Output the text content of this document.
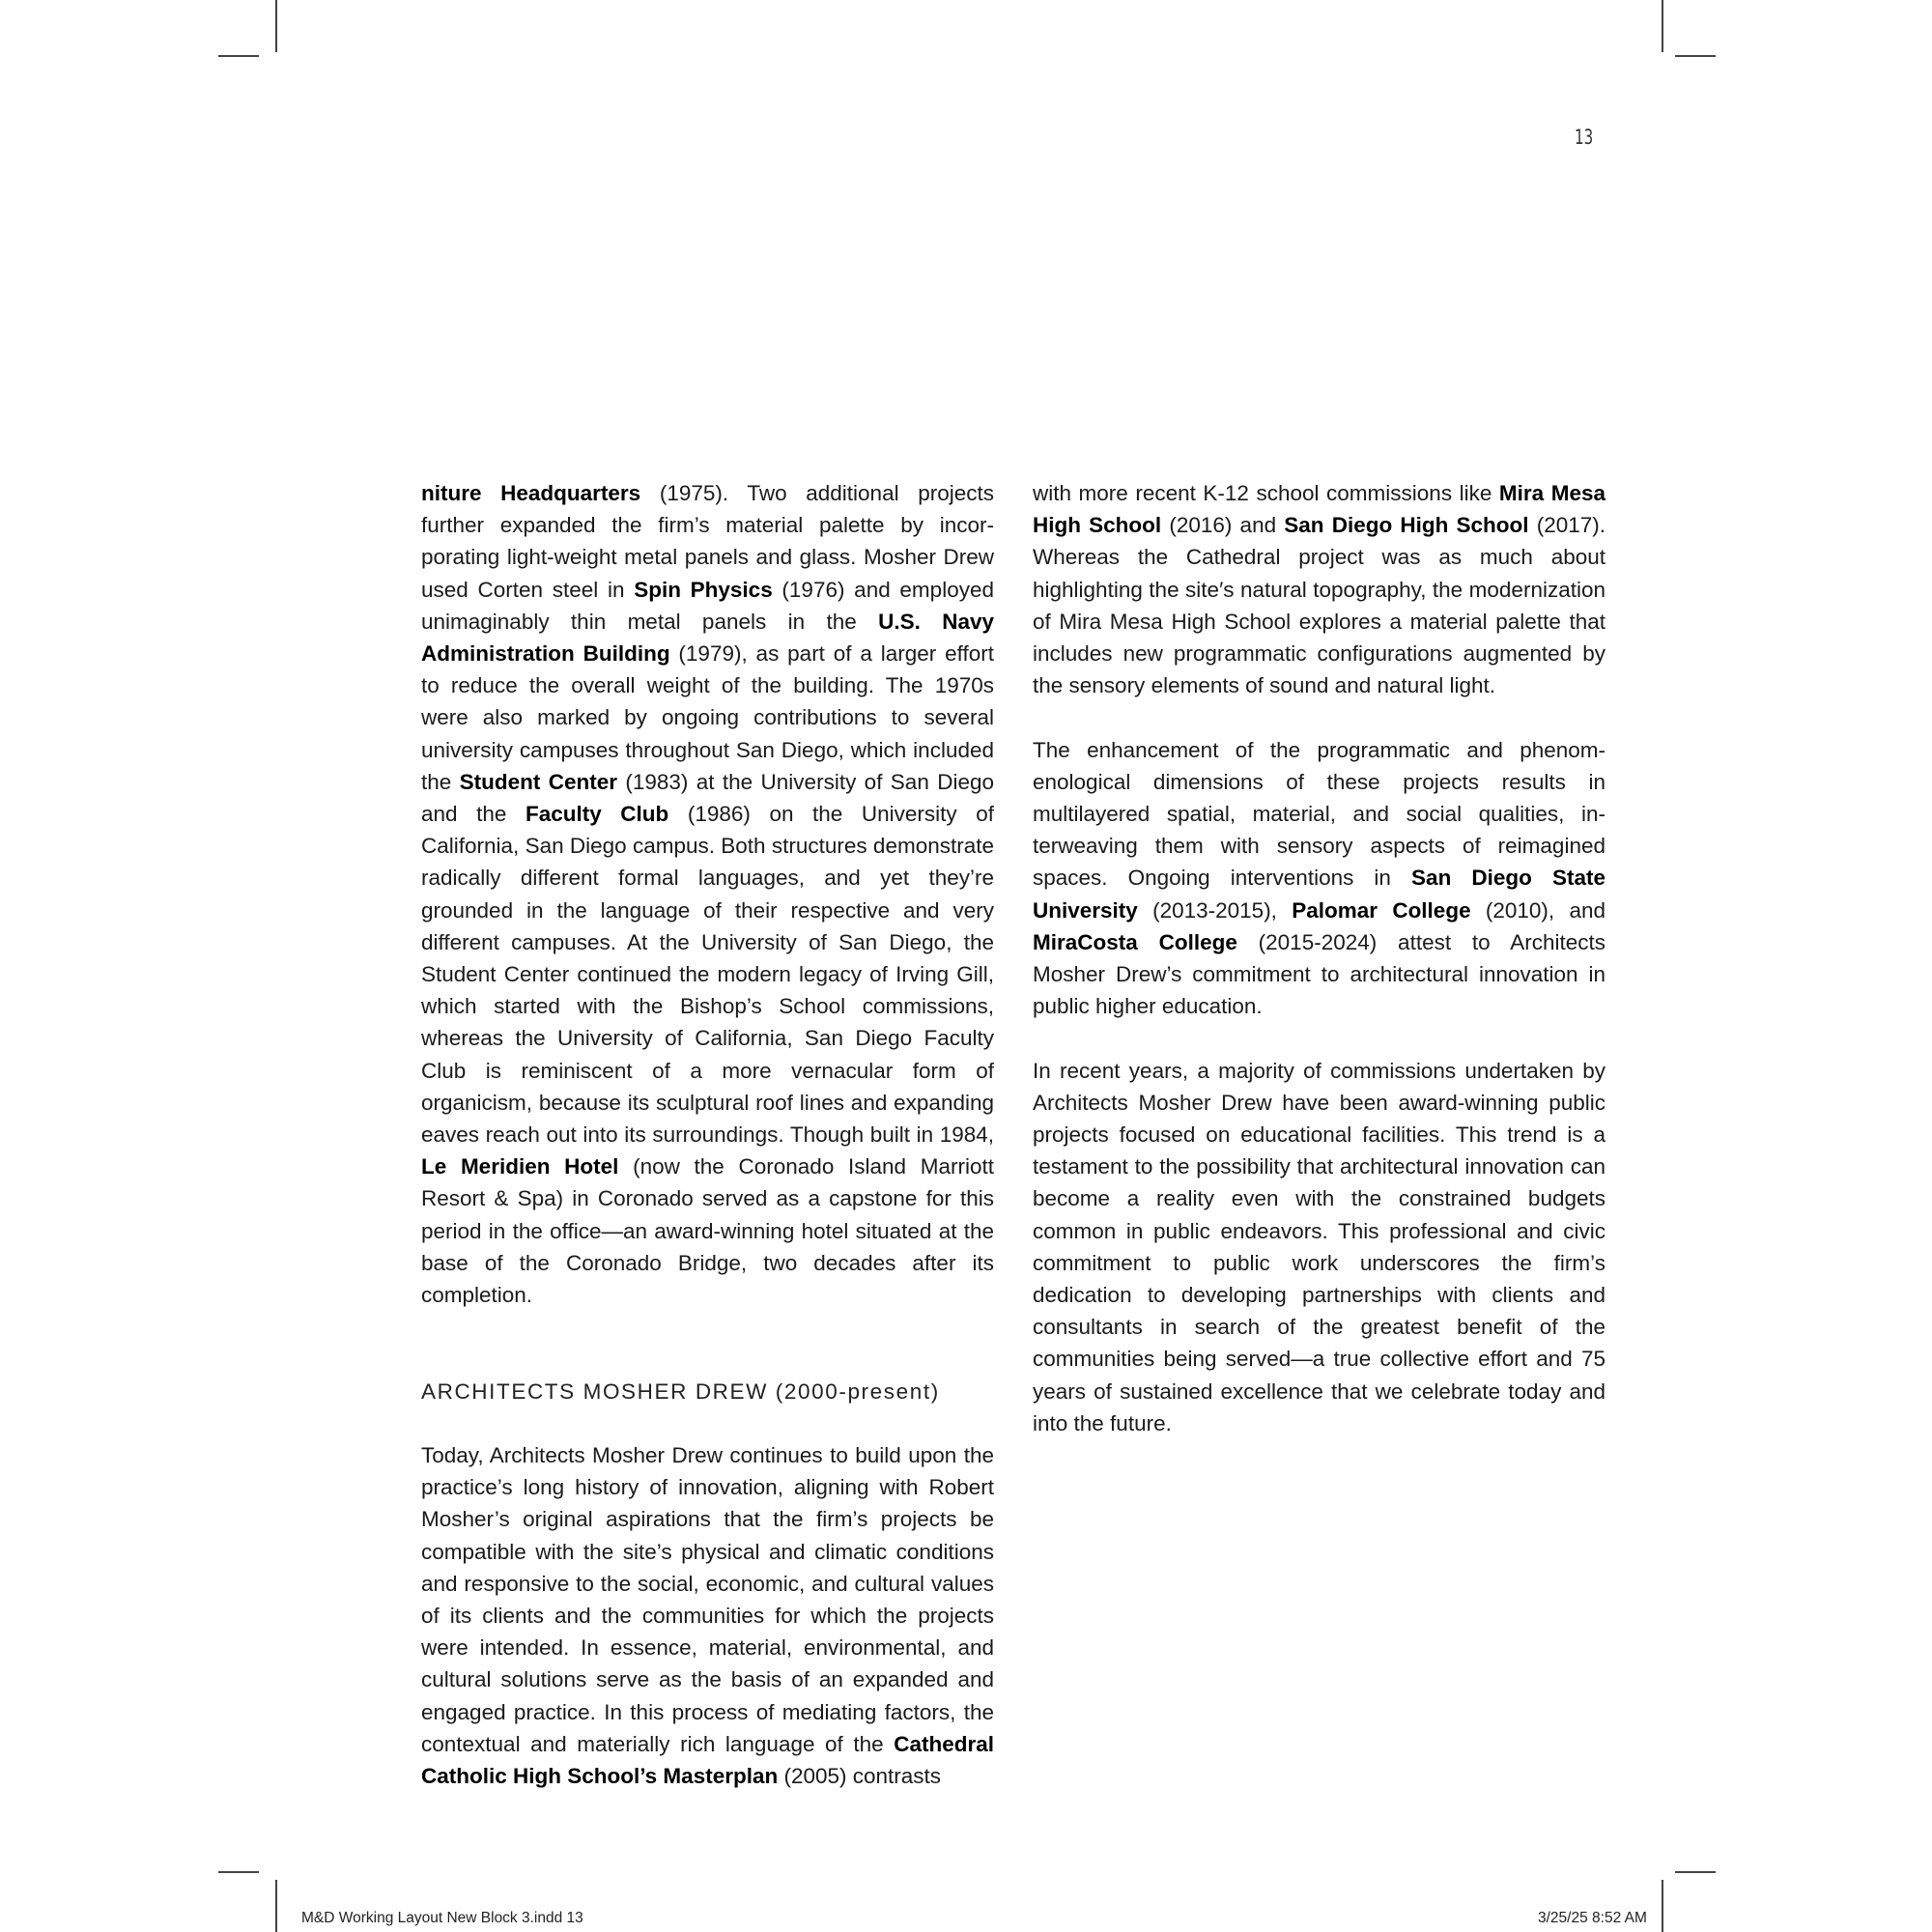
13

niture Headquarters (1975). Two additional projects further expanded the firm’s material palette by incorporating light-weight metal panels and glass. Mosher Drew used Corten steel in Spin Physics (1976) and employed unimaginably thin metal panels in the U.S. Navy Administration Building (1979), as part of a larger effort to reduce the overall weight of the building. The 1970s were also marked by ongoing contributions to several university campuses throughout San Diego, which included the Student Center (1983) at the University of San Diego and the Faculty Club (1986) on the University of California, San Diego campus. Both structures demonstrate radically different formal languages, and yet they’re grounded in the language of their respective and very different campuses. At the University of San Diego, the Student Center continued the modern legacy of Irving Gill, which started with the Bishop’s School commissions, whereas the University of California, San Diego Faculty Club is reminiscent of a more vernacular form of organicism, because its sculptural roof lines and expanding eaves reach out into its surroundings. Though built in 1984, Le Meridien Hotel (now the Coronado Island Marriott Resort & Spa) in Coronado served as a capstone for this period in the office—an award-winning hotel situated at the base of the Coronado Bridge, two decades after its completion.

ARCHITECTS MOSHER DREW (2000-present)

Today, Architects Mosher Drew continues to build upon the practice’s long history of innovation, aligning with Robert Mosher’s original aspirations that the firm’s projects be compatible with the site’s physical and climatic conditions and responsive to the social, economic, and cultural values of its clients and the communities for which the projects were intended. In essence, material, environmental, and cultural solutions serve as the basis of an expanded and engaged practice. In this process of mediating factors, the contextual and materially rich language of the Cathedral Catholic High School’s Masterplan (2005) contrasts

with more recent K-12 school commissions like Mira Mesa High School (2016) and San Diego High School (2017). Whereas the Cathedral project was as much about highlighting the site′s natural topography, the modernization of Mira Mesa High School explores a material palette that includes new programmatic configurations augmented by the sensory elements of sound and natural light.

The enhancement of the programmatic and phenomenological dimensions of these projects results in multilayered spatial, material, and social qualities, interweaving them with sensory aspects of reimagined spaces. Ongoing interventions in San Diego State University (2013-2015), Palomar College (2010), and MiraCosta College (2015-2024) attest to Architects Mosher Drew’s commitment to architectural innovation in public higher education.

In recent years, a majority of commissions undertaken by Architects Mosher Drew have been award-winning public projects focused on educational facilities. This trend is a testament to the possibility that architectural innovation can become a reality even with the constrained budgets common in public endeavors. This professional and civic commitment to public work underscores the firm’s dedication to developing partnerships with clients and consultants in search of the greatest benefit of the communities being served—a true collective effort and 75 years of sustained excellence that we celebrate today and into the future.

M&D Working Layout New Block 3.indd 13	3/25/25 8:52 AM
